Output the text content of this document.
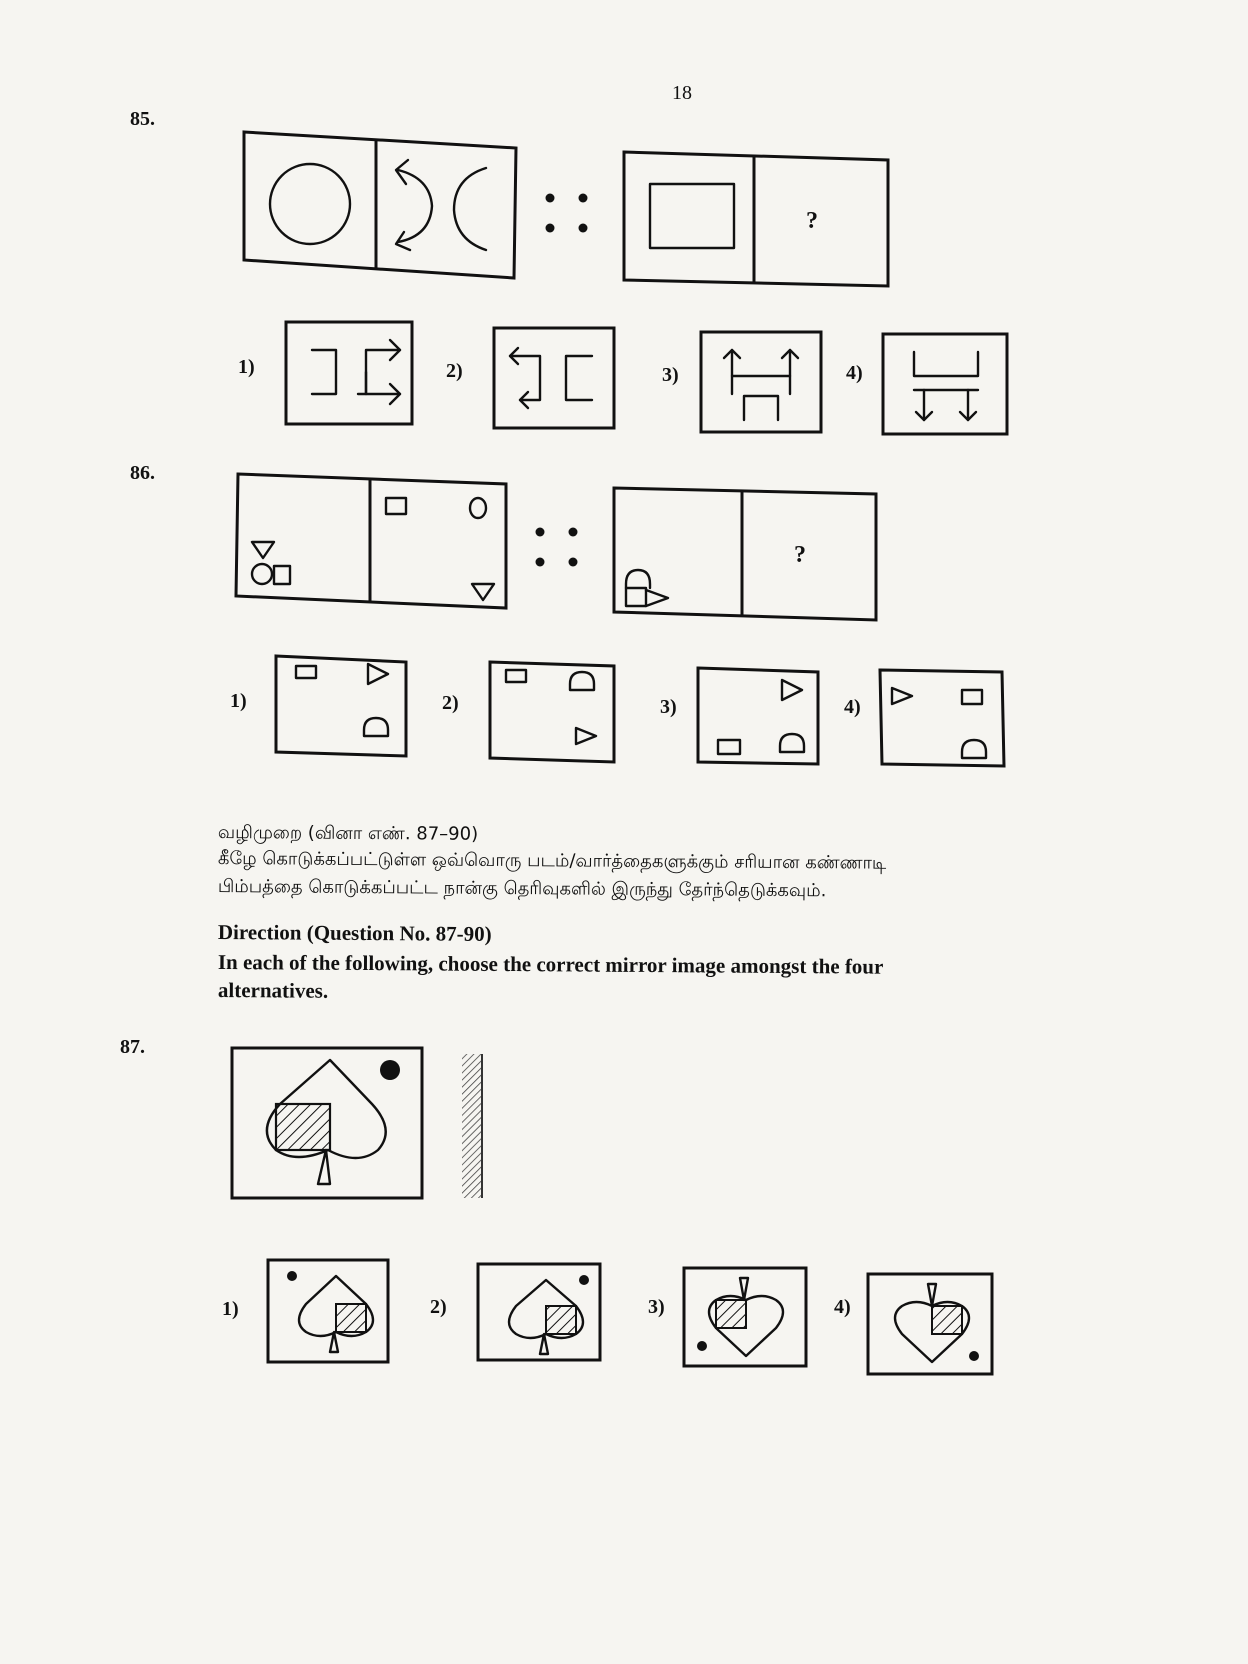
18
85.
?
1)	2)	3)	4)
86.
?
1)	2)	3)	4)
வழிமுறை (வினா எண். 87–90)
கீழே கொடுக்கப்பட்டுள்ள ஒவ்வொரு படம்/வார்த்தைகளுக்கும் சரியான கண்ணாடி
பிம்பத்தை கொடுக்கப்பட்ட நான்கு தெரிவுகளில் இருந்து தேர்ந்தெடுக்கவும்.
Direction (Question No. 87-90)
In each of the following, choose the correct mirror image amongst the four
alternatives.
87.
1)	2)	3)	4)
